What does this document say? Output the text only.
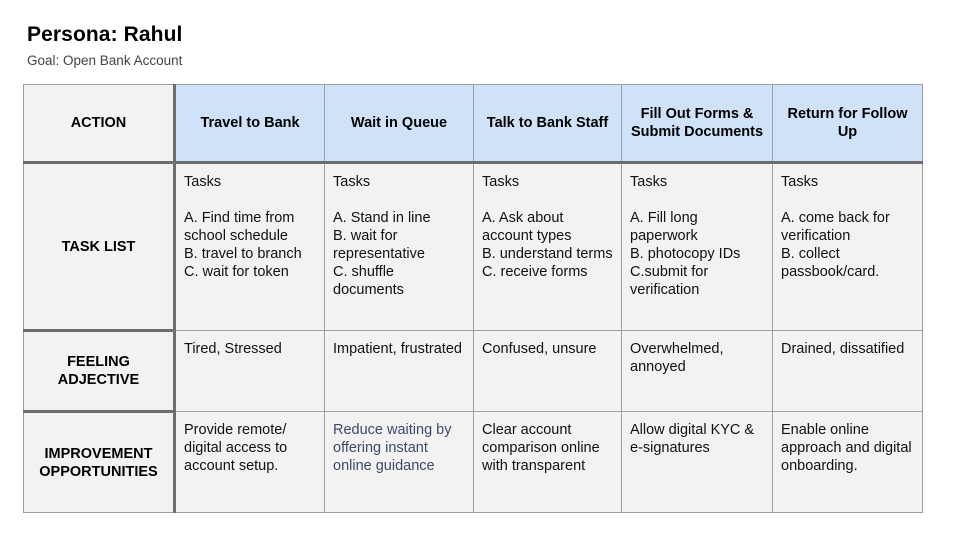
Persona: Rahul
Goal: Open Bank Account
ACTION	Travel to Bank	Wait in Queue	Talk to Bank Staff	Fill Out Forms & Submit Documents	Return for Follow Up
TASK LIST	Tasks

A. Find time from school schedule
B. travel to branch
C. wait for token	Tasks

A. Stand in line
B. wait for representative
C. shuffle documents	Tasks

A. Ask about account types
B. understand terms
C. receive forms	Tasks

A. Fill long paperwork
B. photocopy IDs
C.submit for verification	Tasks

A. come back for verification
B. collect passbook/card.
FEELING ADJECTIVE	Tired, Stressed	Impatient, frustrated	Confused, unsure	Overwhelmed, annoyed	Drained, dissatified
IMPROVEMENT OPPORTUNITIES	Provide remote/ digital access to account setup.	Reduce waiting by offering instant online guidance	Clear account comparison online with transparent	Allow digital KYC & e-signatures	Enable online approach and digital onboarding.
